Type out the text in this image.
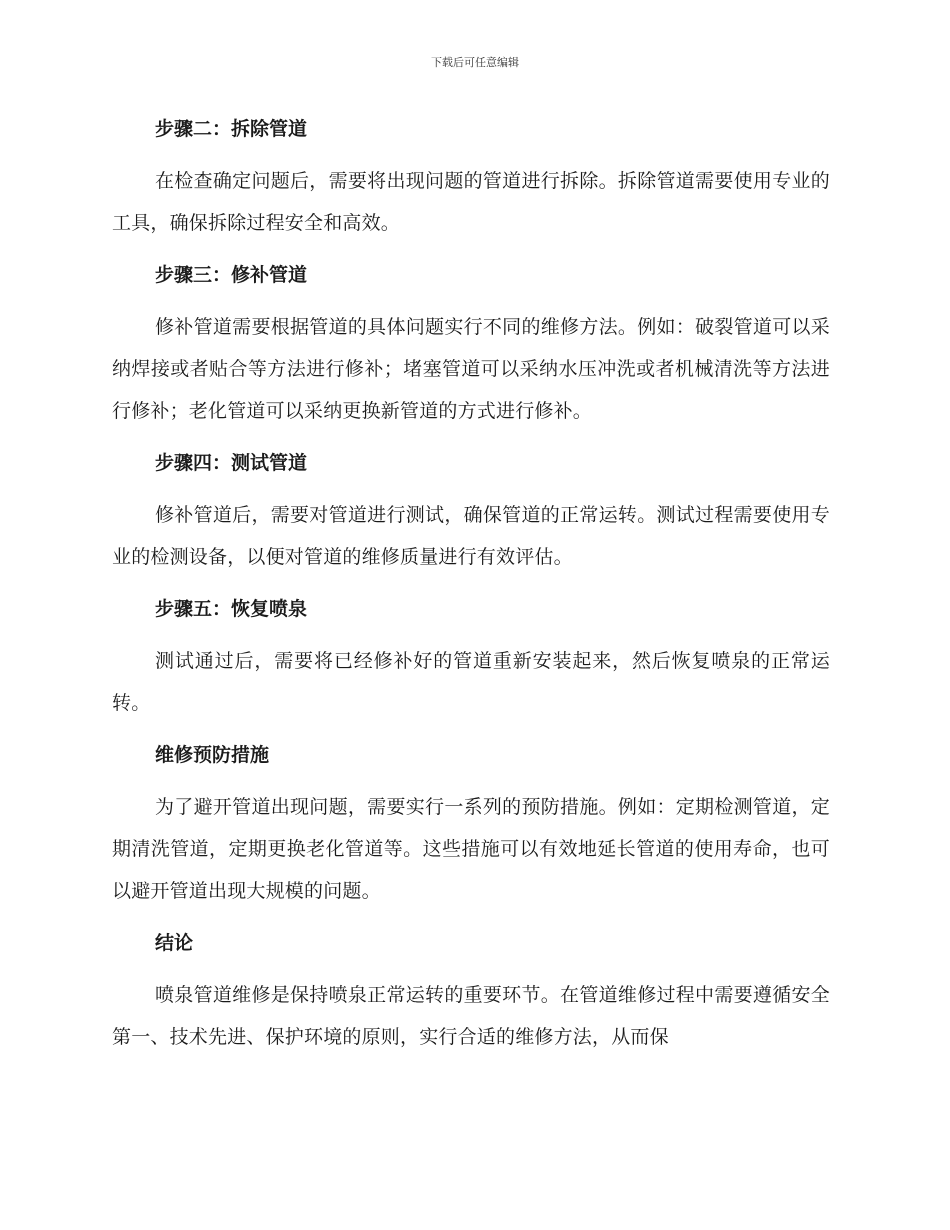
下载后可任意编辑
步骤二：拆除管道

在检查确定问题后，需要将出现问题的管道进行拆除。拆除管道需要使用专业的工具，确保拆除过程安全和高效。

步骤三：修补管道

修补管道需要根据管道的具体问题实行不同的维修方法。例如：破裂管道可以采纳焊接或者贴合等方法进行修补；堵塞管道可以采纳水压冲洗或者机械清洗等方法进行修补；老化管道可以采纳更换新管道的方式进行修补。

步骤四：测试管道

修补管道后，需要对管道进行测试，确保管道的正常运转。测试过程需要使用专业的检测设备，以便对管道的维修质量进行有效评估。

步骤五：恢复喷泉

测试通过后，需要将已经修补好的管道重新安装起来，然后恢复喷泉的正常运转。

维修预防措施

为了避开管道出现问题，需要实行一系列的预防措施。例如：定期检测管道，定期清洗管道，定期更换老化管道等。这些措施可以有效地延长管道的使用寿命，也可以避开管道出现大规模的问题。

结论

喷泉管道维修是保持喷泉正常运转的重要环节。在管道维修过程中需要遵循安全第一、技术先进、保护环境的原则，实行合适的维修方法，从而保
